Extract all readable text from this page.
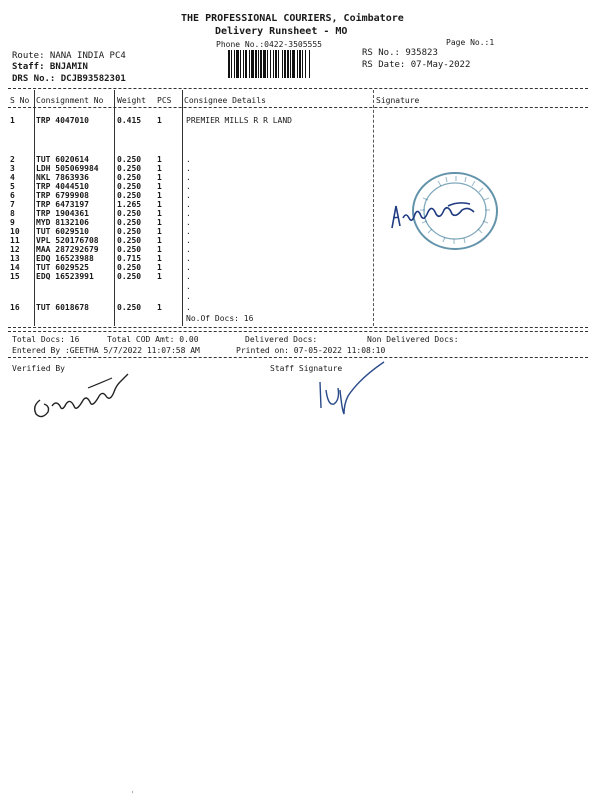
THE PROFESSIONAL COURIERS, Coimbatore
Delivery Runsheet - MO
Phone No.:0422-3505555	Page No.:1
Route: NANA INDIA PC4
Staff: BNJAMIN
DRS No.: DCJB93582301
RS No.: 935823
RS Date: 07-May-2022
S No Consignment No Weight PCS Consignee Details	Signature
1	TRP 4047010	0.415 1	PREMIER MILLS R R LAND
2	TUT 6020614	0.250 1	.
3	LDH 505069984 0.250 1	.
4	NKL 7863936	0.250 1	.
5	TRP 4044510	0.250 1	.
6	TRP 6799908	0.250 1	.
7	TRP 6473197	1.265 1	.
8	TRP 1904361	0.250 1	.
9	MYD 8132106	0.250 1	.
10 TUT 6029510	0.250 1	.
11 VPL 520176708 0.250 1	.
12 MAA 287292679 0.250 1	.
13 EDQ 16523988	0.715 1	.
14 TUT 6029525	0.250 1	.
15 EDQ 16523991	0.250 1	.
16 TUT 6018678	0.250 1	.
.
.
No.Of Docs: 16
Total Docs: 16	Total COD Amt: 0.00	Delivered Docs:	Non Delivered Docs:
Entered By :GEETHA 5/7/2022 11:07:58 AM	Printed on: 07-05-2022 11:08:10
Verified By	Staff Signature
'
